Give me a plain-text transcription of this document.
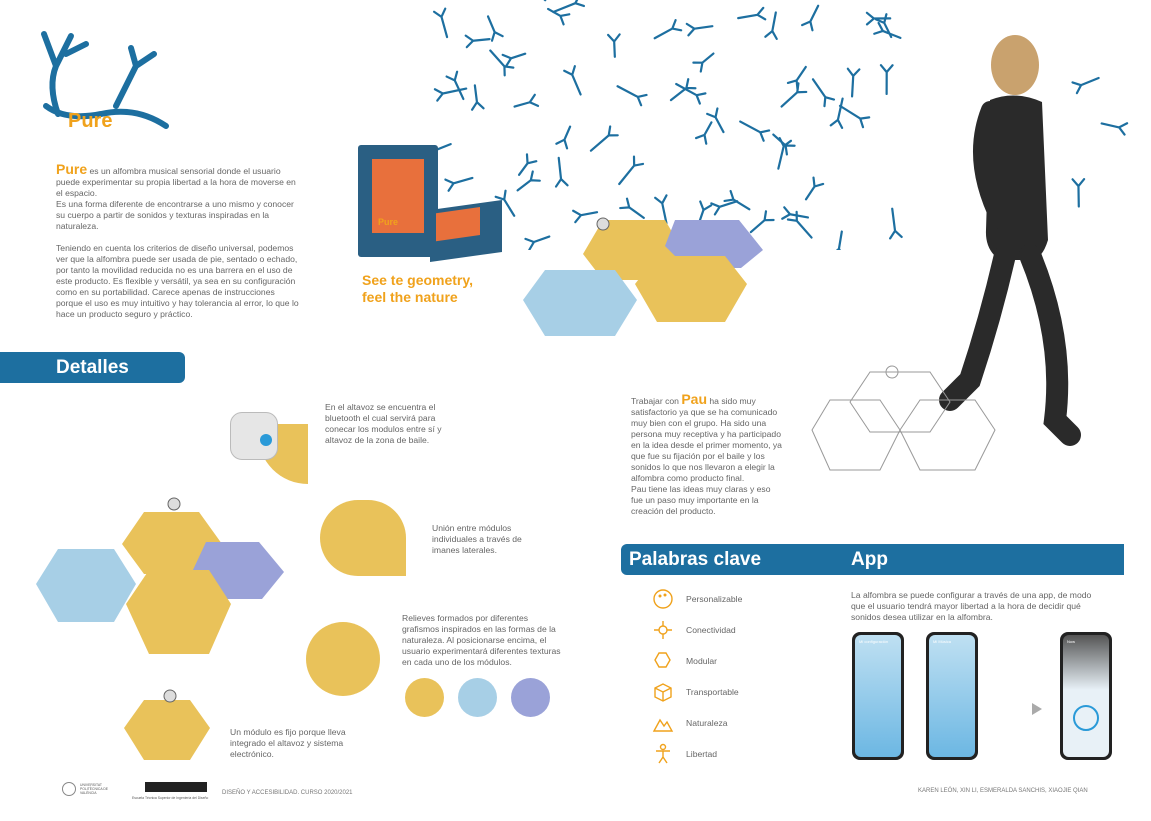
Pure
Pure es un alfombra musical sensorial donde el usuario puede experimentar su propia libertad a la hora de moverse en el espacio.
Es una forma diferente de encontrarse a uno mismo y conocer su cuerpo a partir de sonidos y texturas inspiradas en la naturaleza.

Teniendo en cuenta los criterios de diseño universal, podemos ver que la alfombra puede ser usada de pie, sentado o echado, por tanto la movilidad reducida no es una barrera en el uso de este producto. Es flexible y versátil, ya sea en su configuración como en su portabilidad. Carece apenas de instrucciones porque el uso es muy intuitivo y hay tolerancia al error, lo que lo hace un producto seguro y práctico.
Pure
See te geometry,
feel the nature
Detalles
En el altavoz se encuentra el bluetooth el cual servirá para conecar los modulos entre sí y altavoz de la zona de baile.
Unión entre módulos individuales a través de imanes laterales.
Relieves formados por diferentes grafismos inspirados en las formas de la naturaleza. Al posicionarse encima, el usuario experimentará diferentes texturas en cada uno de los módulos.
Un módulo es fijo porque lleva integrado el altavoz y sistema electrónico.
Trabajar con Pau ha sido muy satisfactorio ya que se ha comunicado muy bien con el grupo. Ha sido una persona muy receptiva y ha participado en la idea desde el primer momento, ya que fue su fijación por el baile y los sonidos lo que nos llevaron a elegir la alfombra como producto final.
Pau tiene las ideas muy claras y eso fue un paso muy importante en la creación del producto.
Palabras clave	App
Personalizable
Conectividad
Modular
Transportable
Naturaleza
Libertad
La alfombra se puede configurar a través de una app, de modo que el usuario tendrá mayor libertad a la hora de decidir qué sonidos desea utilizar en la alfombra.
Mi configuración	Mi Música	Now
UNIVERSITAT POLITÈCNICA DE VALÈNCIA
Escuela Técnica Superior de Ingeniería del Diseño
DISEÑO Y ACCESIBILIDAD. CURSO 2020/2021	KAREN LEÓN, XIN LI, ESMERALDA SANCHIS, XIAOJIE QIAN
